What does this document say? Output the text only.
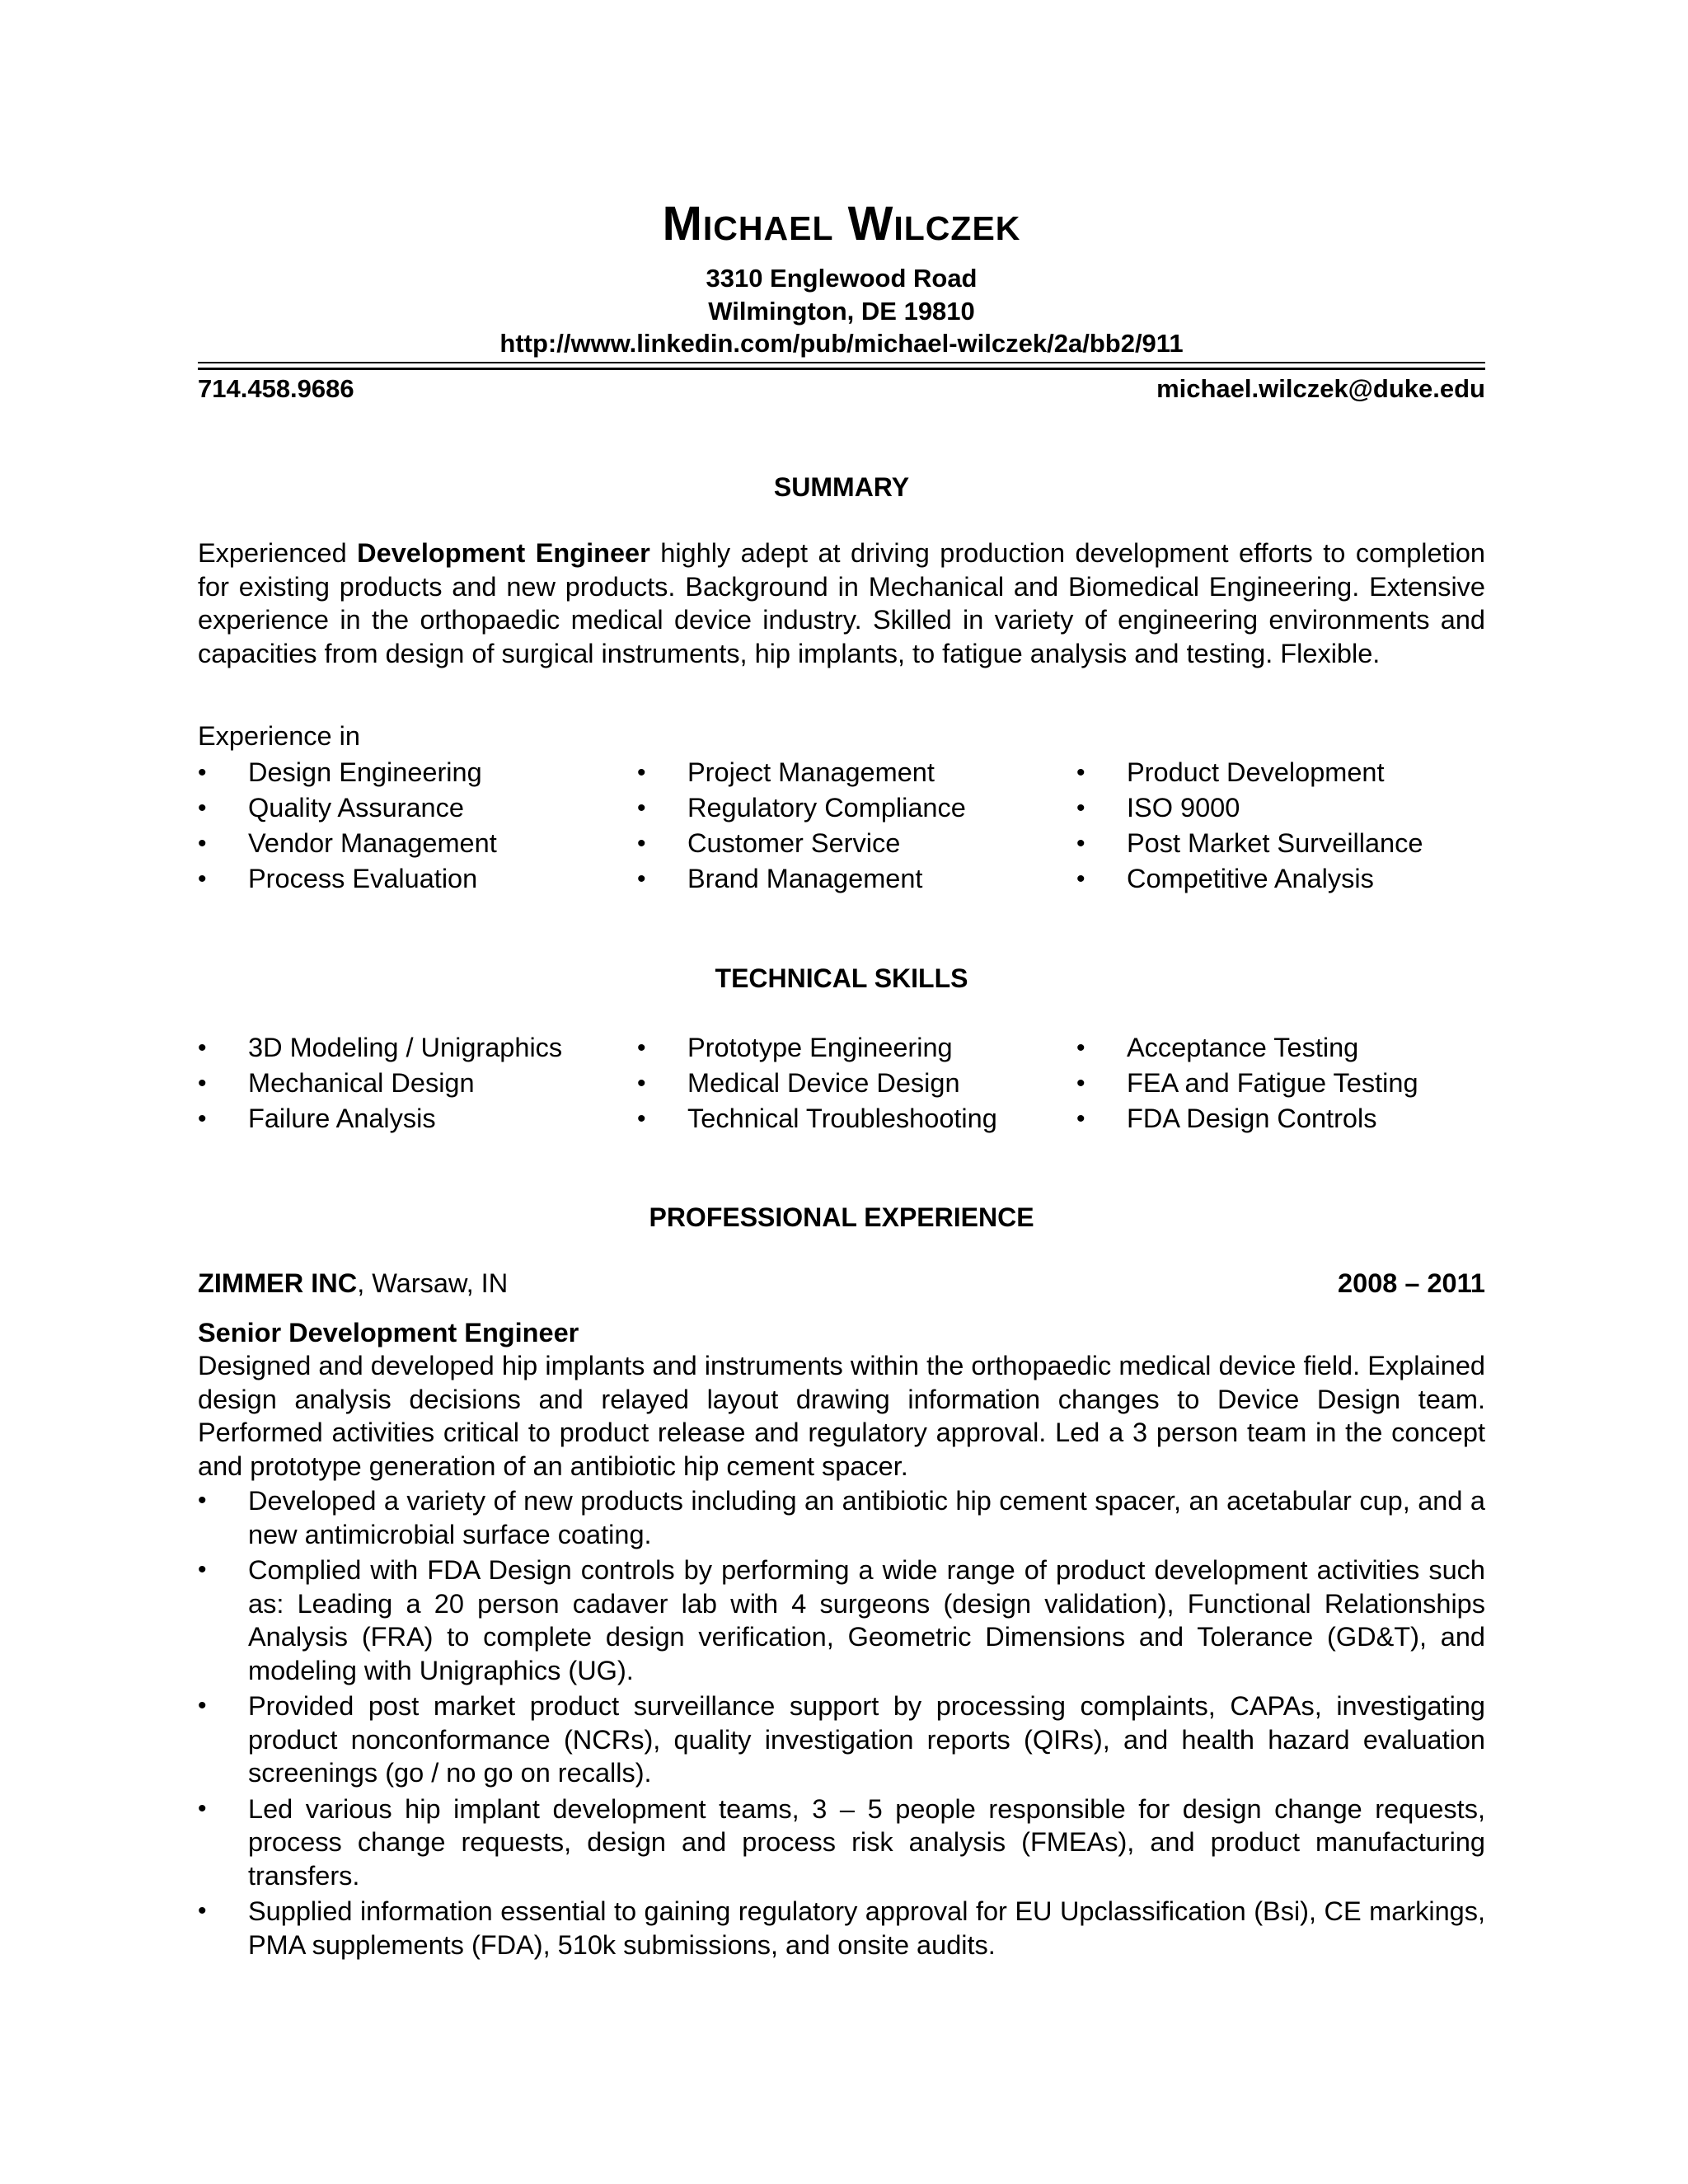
Michael Wilczek
3310 Englewood Road
Wilmington, DE 19810
http://www.linkedin.com/pub/michael-wilczek/2a/bb2/911
714.458.9686	michael.wilczek@duke.edu
SUMMARY
Experienced Development Engineer highly adept at driving production development efforts to completion for existing products and new products. Background in Mechanical and Biomedical Engineering. Extensive experience in the orthopaedic medical device industry. Skilled in variety of engineering environments and capacities from design of surgical instruments, hip implants, to fatigue analysis and testing. Flexible.
Experience in
• Design Engineering
• Quality Assurance
• Vendor Management
• Process Evaluation
• Project Management
• Regulatory Compliance
• Customer Service
• Brand Management
• Product Development
• ISO 9000
• Post Market Surveillance
• Competitive Analysis
TECHNICAL SKILLS
• 3D Modeling / Unigraphics
• Mechanical Design
• Failure Analysis
• Prototype Engineering
• Medical Device Design
• Technical Troubleshooting
• Acceptance Testing
• FEA and Fatigue Testing
• FDA Design Controls
PROFESSIONAL EXPERIENCE
ZIMMER INC, Warsaw, IN	2008 – 2011
Senior Development Engineer
Designed and developed hip implants and instruments within the orthopaedic medical device field. Explained design analysis decisions and relayed layout drawing information changes to Device Design team. Performed activities critical to product release and regulatory approval. Led a 3 person team in the concept and prototype generation of an antibiotic hip cement spacer.
• Developed a variety of new products including an antibiotic hip cement spacer, an acetabular cup, and a new antimicrobial surface coating.
• Complied with FDA Design controls by performing a wide range of product development activities such as: Leading a 20 person cadaver lab with 4 surgeons (design validation), Functional Relationships Analysis (FRA) to complete design verification, Geometric Dimensions and Tolerance (GD&T), and modeling with Unigraphics (UG).
• Provided post market product surveillance support by processing complaints, CAPAs, investigating product nonconformance (NCRs), quality investigation reports (QIRs), and health hazard evaluation screenings (go / no go on recalls).
• Led various hip implant development teams, 3 – 5 people responsible for design change requests, process change requests, design and process risk analysis (FMEAs), and product manufacturing transfers.
• Supplied information essential to gaining regulatory approval for EU Upclassification (Bsi), CE markings, PMA supplements (FDA), 510k submissions, and onsite audits.
